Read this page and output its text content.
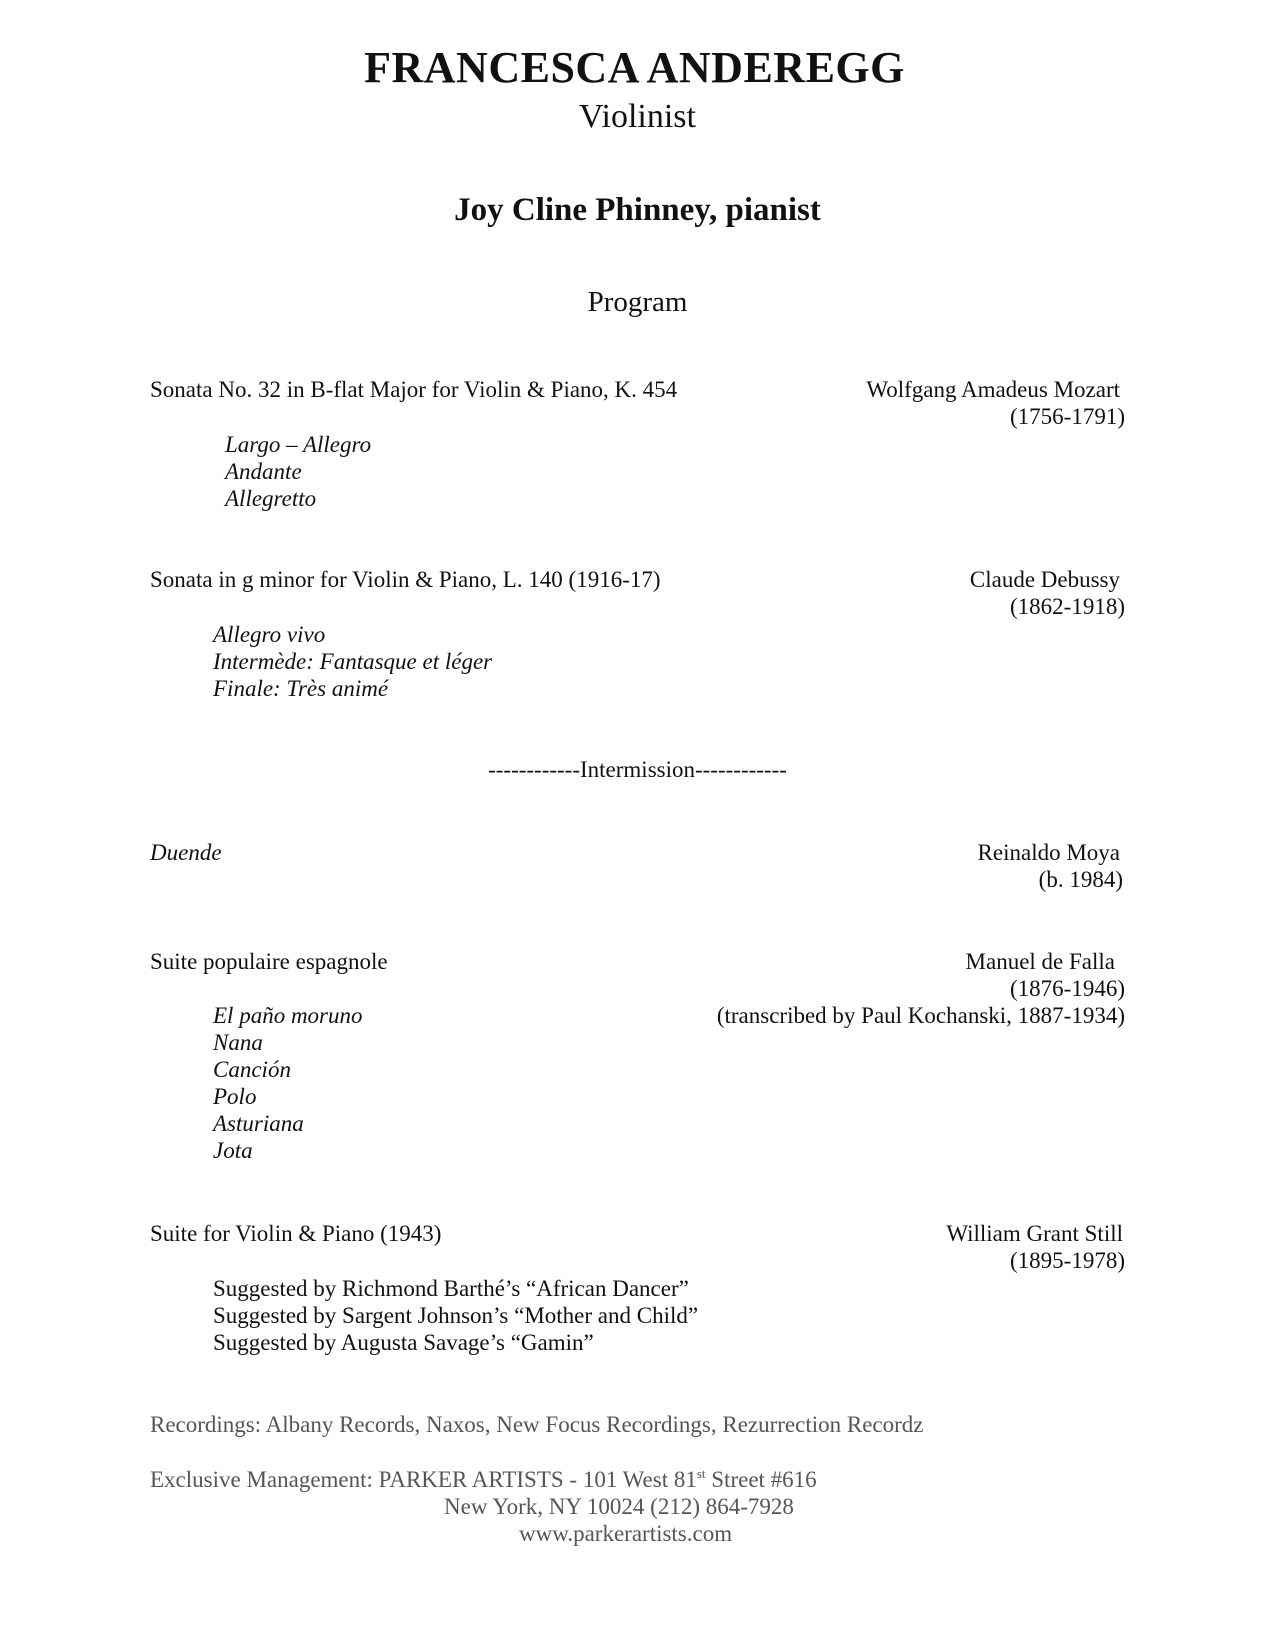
FRANCESCA ANDEREGG
Violinist
Joy Cline Phinney, pianist
Program
Sonata No. 32 in B-flat Major for Violin & Piano, K. 454	Wolfgang Amadeus Mozart
(1756-1791)
Largo – Allegro
Andante
Allegretto
Sonata in g minor for Violin & Piano, L. 140 (1916-17)	Claude Debussy
(1862-1918)
Allegro vivo
Intermède: Fantasque et léger
Finale: Très animé
------------Intermission------------
Duende	Reinaldo Moya
(b. 1984)
Suite populaire espagnole	Manuel de Falla
(1876-1946)
(transcribed by Paul Kochanski, 1887-1934)
El paño moruno
Nana
Canción
Polo
Asturiana
Jota
Suite for Violin & Piano (1943)	William Grant Still
(1895-1978)
Suggested by Richmond Barthé’s “African Dancer”
Suggested by Sargent Johnson’s “Mother and Child”
Suggested by Augusta Savage’s “Gamin”
Recordings: Albany Records, Naxos, New Focus Recordings, Rezurrection Recordz
Exclusive Management: PARKER ARTISTS - 101 West 81st Street #616
New York, NY 10024 (212) 864-7928
www.parkerartists.com
